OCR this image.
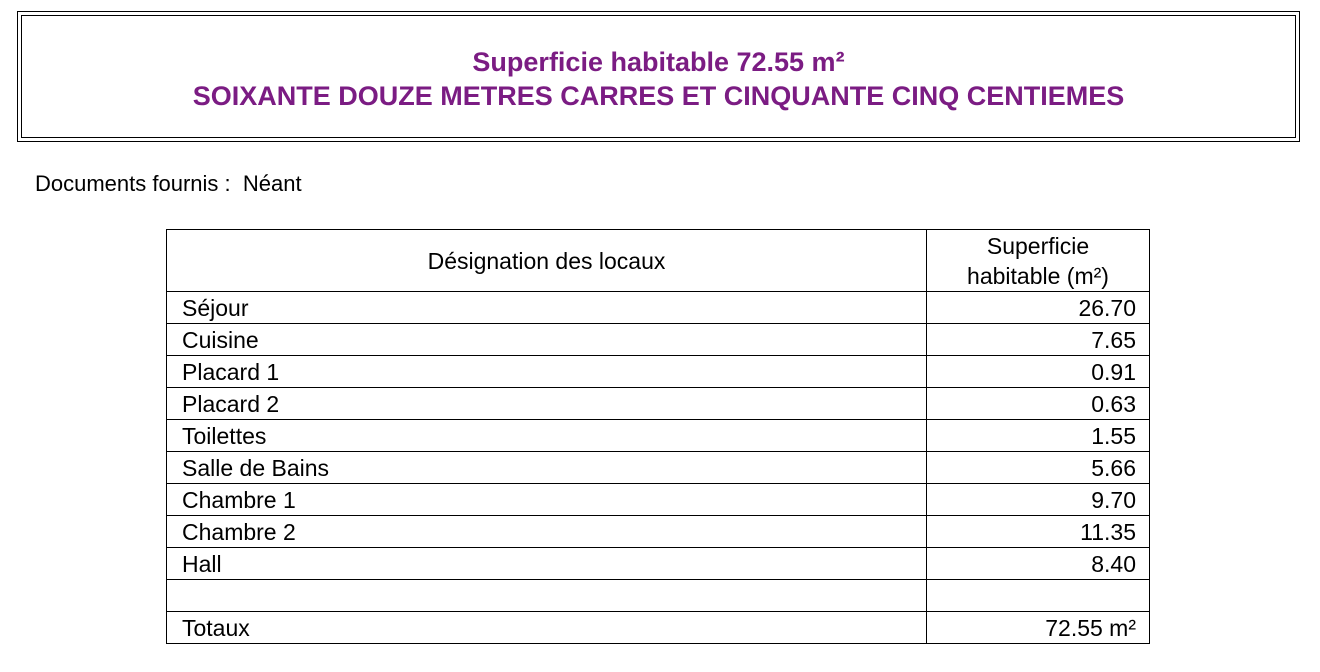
Superficie habitable 72.55 m²
SOIXANTE DOUZE METRES CARRES ET CINQUANTE CINQ CENTIEMES
Documents fournis : Néant
Désignation des locaux	Superficie
habitable (m²)
Séjour	26.70
Cuisine	7.65
Placard 1	0.91
Placard 2	0.63
Toilettes	1.55
Salle de Bains	5.66
Chambre 1	9.70
Chambre 2	11.35
Hall	8.40

Totaux	72.55 m²
